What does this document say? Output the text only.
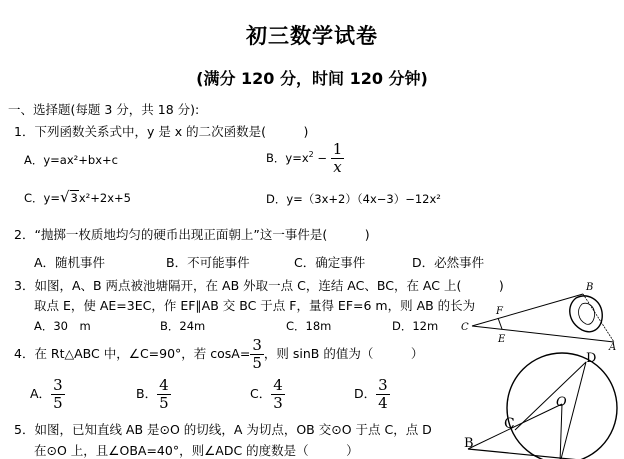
初三数学试卷
(满分 120 分，时间 120 分钟)
一、选择题(每题 3 分，共 18 分):
1．下列函数关系式中，y 是 x 的二次函数是(　　　)
A．y=ax²+bx+c	B．$y=x^2 - \frac{1}{x}$
C．y=√3x²+2x+5	D．y=（3x+2）（4x−3）−12x²
2．“抛掷一枚质地均匀的硬币出现正面朝上”这一事件是(　　　)
A．随机事件	B．不可能事件	C．确定事件	D．必然事件
3．如图，A、B 两点被池塘隔开，在 AB 外取一点 C，连结 AC、BC，在 AC 上(　　　)
取点 E，使 AE=3EC，作 EF∥AB 交 BC 于点 F，量得 EF=6 m，则 AB 的长为
A．30　m	B．24m	C．18m	D．12m
4．在 Rt△ABC 中，∠C=90°，若 $\cos A= \frac{3}{5}$ ，则 sinB 的值为（　　　）
A． $\frac{3}{5}$	B． $\frac{4}{5}$	C． $\frac{4}{3}$	D． $\frac{3}{4}$
5．如图，已知直线 AB 是⊙O 的切线，A 为切点，OB 交⊙O 于点 C，点 D
在⊙O 上，且∠OBA=40°，则∠ADC 的度数是（　　　）
B
F
C
E
A
D
O
C
B
